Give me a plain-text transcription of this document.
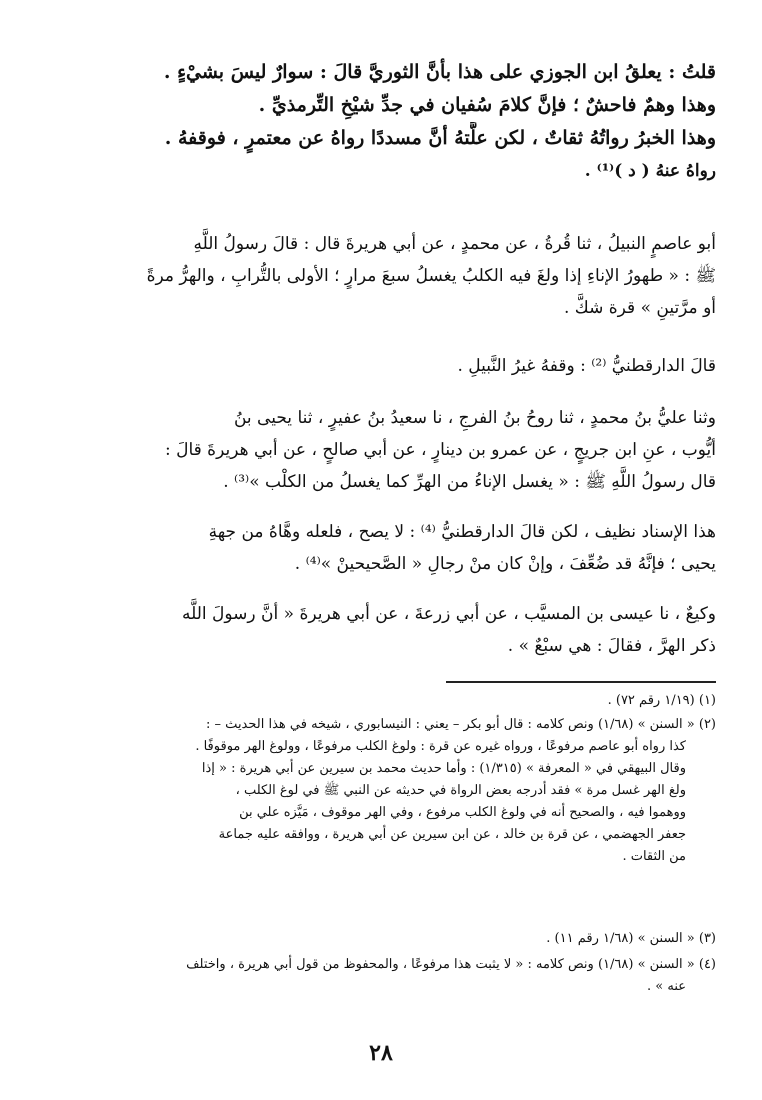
قلتُ : يعلقُ ابن الجوزي على هذا بأنَّ الثوريَّ قالَ : سوارٌ ليسَ بشيْءٍ .
وهذا وهمٌ فاحشٌ ؛ فإنَّ كلامَ سُفيان في جدِّ شيْخِ التِّرمذيِّ .
وهذا الخبرُ رواتُهُ ثقاتٌ ، لكن علَّتهُ أنَّ مسددًا رواهُ عن معتمرٍ ، فوقفهُ .
رواهُ عنهُ ( د )⁽¹⁾ .
أبو عاصمٍ النبيلُ ، ثنا قُرةُ ، عن محمدٍ ، عن أبي هريرةَ قال : قالَ رسولُ اللَّهِ
ﷺ : « طهورُ الإناءِ إذا ولغَ فيه الكلبُ يغسلُ سبعَ مرارٍ ؛ الأولى بالتُّرابِ ، والهرُّ مرةً
أو مرَّتينِ » قرة شكَّ .
قالَ الدارقطنيُّ ⁽²⁾ : وقفهُ غيرُ النَّبيلِ .
وثنا عليُّ بنُ محمدٍ ، ثنا روحُ بنُ الفرجِ ، نا سعيدُ بنُ عفيرٍ ، ثنا يحيى بنُ
أيُّوب ، عنِ ابن جريجٍ ، عن عمرو بن دينارٍ ، عن أبي صالحٍ ، عن أبي هريرةَ قالَ :
قال رسولُ اللَّهِ ﷺ : « يغسل الإناءُ من الهرِّ كما يغسلُ من الكلْب »⁽³⁾ .
هذا الإسناد نظيف ، لكن قالَ الدارقطنيُّ ⁽⁴⁾ : لا يصح ، فلعله وهَّاهُ من جهةِ
يحيى ؛ فإنَّهُ قد ضُعِّفَ ، وإنْ كان منْ رجالِ « الصَّحيحينْ »⁽⁴⁾ .
وكيعٌ ، نا عيسى بن المسيَّب ، عن أبي زرعةَ ، عن أبي هريرةَ « أنَّ رسولَ اللَّه
ذكر الهرَّ ، فقالَ : هي سبْعٌ » .
(١) (١/١٩ رقم ٧٢) .
(٢) « السنن » (١/٦٨) ونص كلامه : قال أبو بكر – يعني : النيسابوري ، شيخه في هذا الحديث – :
كذا رواه أبو عاصم مرفوعًا ، ورواه غيره عن قرة : ولوغ الكلب مرفوعًا ، وولوغ الهر موقوفًا .
وقال البيهقي في « المعرفة » (١/٣١٥) : وأما حديث محمد بن سيرين عن أبي هريرة : « إذا
ولغ الهر غسل مرة » فقد أدرجه بعض الرواة في حديثه عن النبي ﷺ في لوغ الكلب ،
ووهموا فيه ، والصحيح أنه في ولوغ الكلب مرفوع ، وفي الهر موقوف ، مَيَّزه علي بن
جعفر الجهضمي ، عن قرة بن خالد ، عن ابن سيرين عن أبي هريرة ، ووافقه عليه جماعة
من الثقات .
(٣) « السنن » (١/٦٨ رقم ١١) .
(٤) « السنن » (١/٦٨) ونص كلامه : « لا يثبت هذا مرفوعًا ، والمحفوظ من قول أبي هريرة ، واختلف
عنه » .
٢٨
